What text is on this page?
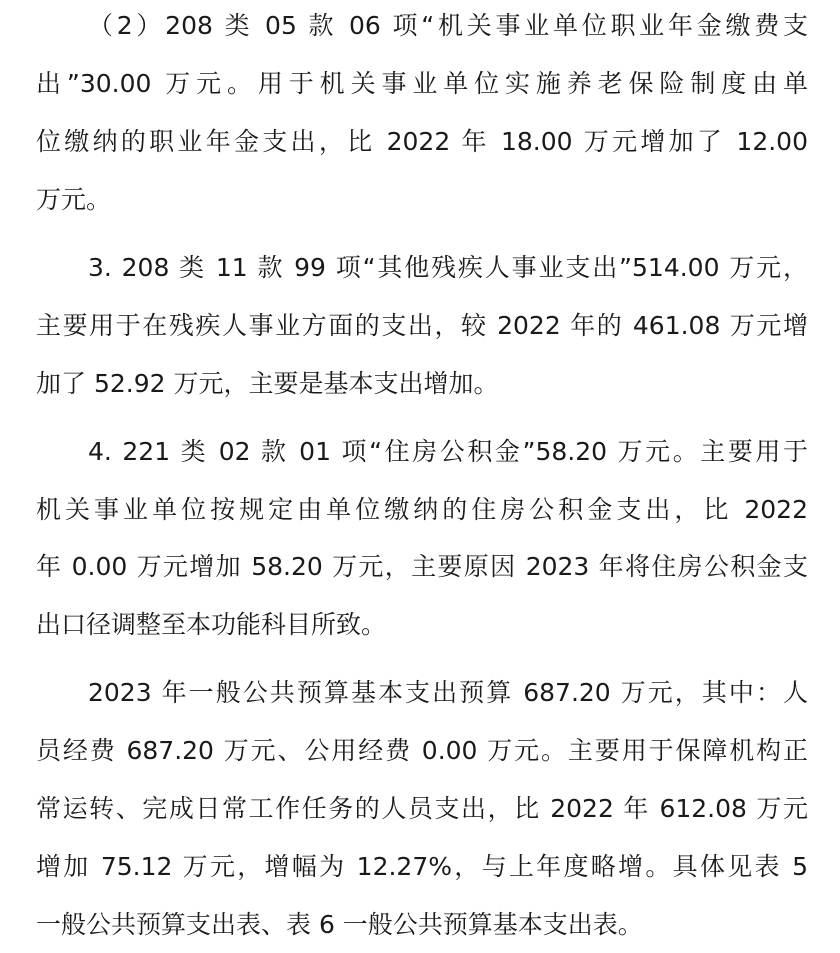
（2）208 类 05 款 06 项“机关事业单位职业年金缴费支
出”30.00 万元。用于机关事业单位实施养老保险制度由单
位缴纳的职业年金支出，比 2022 年 18.00 万元增加了 12.00
万元。
3. 208 类 11 款 99 项“其他残疾人事业支出”514.00 万元，
主要用于在残疾人事业方面的支出，较 2022 年的 461.08 万元增
加了 52.92 万元，主要是基本支出增加。
4. 221 类 02 款 01 项“住房公积金”58.20 万元。主要用于
机关事业单位按规定由单位缴纳的住房公积金支出，比 2022
年 0.00 万元增加 58.20 万元，主要原因 2023 年将住房公积金支
出口径调整至本功能科目所致。
2023 年一般公共预算基本支出预算 687.20 万元，其中：人
员经费 687.20 万元、公用经费 0.00 万元。主要用于保障机构正
常运转、完成日常工作任务的人员支出，比 2022 年 612.08 万元
增加 75.12 万元，增幅为 12.27%，与上年度略增。具体见表 5
一般公共预算支出表、表 6 一般公共预算基本支出表。
